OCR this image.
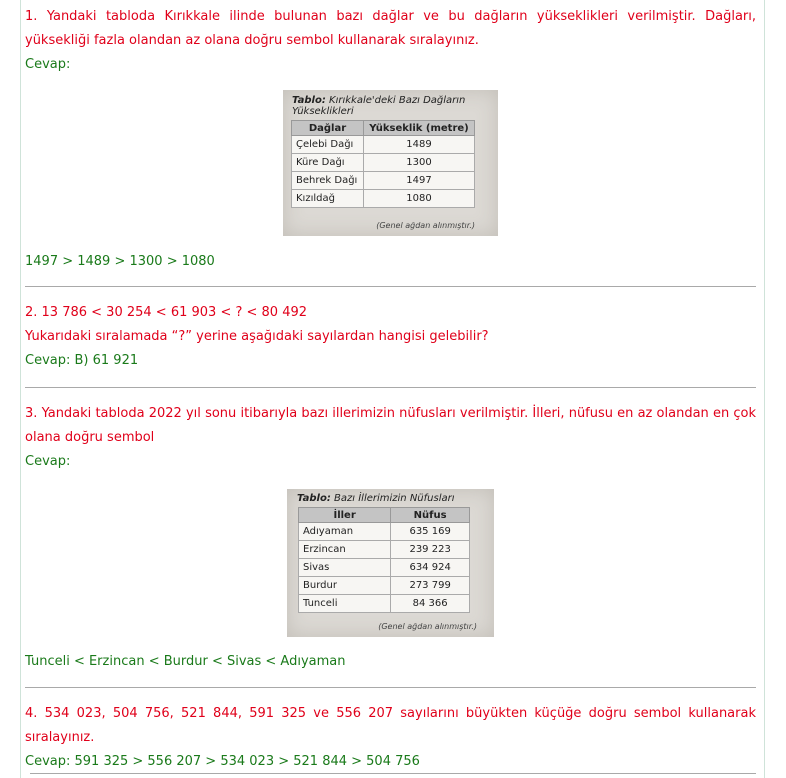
1. Yandaki tabloda Kırıkkale ilinde bulunan bazı dağlar ve bu dağların yükseklikleri verilmiştir. Dağları, yüksekliği fazla olandan az olana doğru sembol kullanarak sıralayınız.
Cevap:
Tablo: Kırıkkale'deki Bazı Dağların Yükseklikleri
Dağlar	Yükseklik (metre)
Çelebi Dağı	1489
Küre Dağı	1300
Behrek Dağı	1497
Kızıldağ	1080
(Genel ağdan alınmıştır.)
1497 > 1489 > 1300 > 1080
2. 13 786 < 30 254 < 61 903 < ? < 80 492
Yukarıdaki sıralamada “?” yerine aşağıdaki sayılardan hangisi gelebilir?
Cevap: B) 61 921
3. Yandaki tabloda 2022 yıl sonu itibarıyla bazı illerimizin nüfusları verilmiştir. İlleri, nüfusu en az olandan en çok olana doğru sembol
Cevap:
Tablo: Bazı İllerimizin Nüfusları
İller	Nüfus
Adıyaman	635 169
Erzincan	239 223
Sivas	634 924
Burdur	273 799
Tunceli	84 366
(Genel ağdan alınmıştır.)
Tunceli < Erzincan < Burdur < Sivas < Adıyaman
4. 534 023, 504 756, 521 844, 591 325 ve 556 207 sayılarını büyükten küçüğe doğru sembol kullanarak sıralayınız.
Cevap: 591 325 > 556 207 > 534 023 > 521 844 > 504 756
